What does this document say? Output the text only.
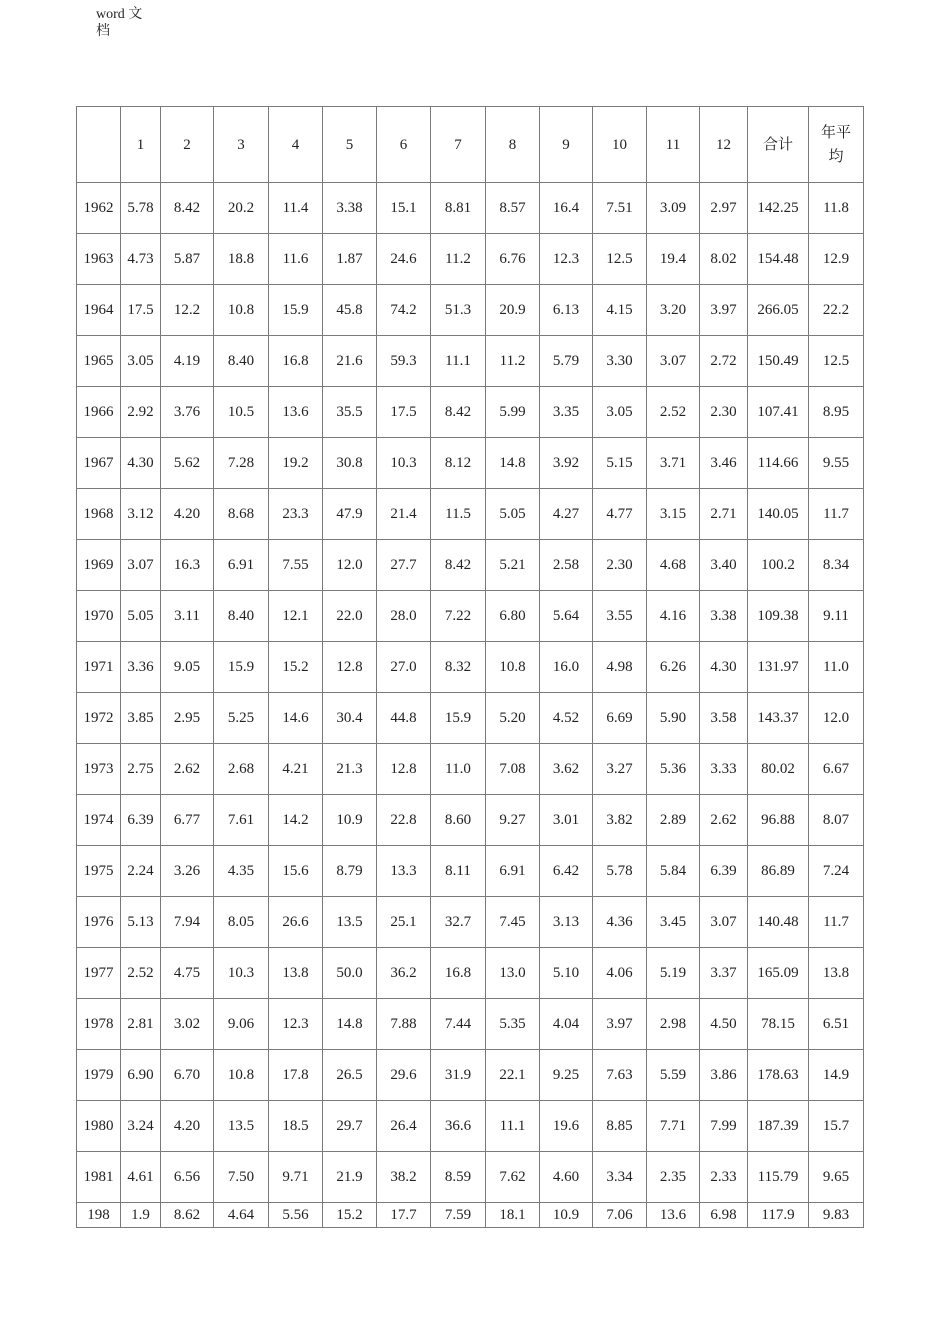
word 文档
	1	2	3	4	5	6	7	8	9	10	11	12	合计	年平均
1962	5.78	8.42	20.2	11.4	3.38	15.1	8.81	8.57	16.4	7.51	3.09	2.97	142.25	11.8
1963	4.73	5.87	18.8	11.6	1.87	24.6	11.2	6.76	12.3	12.5	19.4	8.02	154.48	12.9
1964	17.5	12.2	10.8	15.9	45.8	74.2	51.3	20.9	6.13	4.15	3.20	3.97	266.05	22.2
1965	3.05	4.19	8.40	16.8	21.6	59.3	11.1	11.2	5.79	3.30	3.07	2.72	150.49	12.5
1966	2.92	3.76	10.5	13.6	35.5	17.5	8.42	5.99	3.35	3.05	2.52	2.30	107.41	8.95
1967	4.30	5.62	7.28	19.2	30.8	10.3	8.12	14.8	3.92	5.15	3.71	3.46	114.66	9.55
1968	3.12	4.20	8.68	23.3	47.9	21.4	11.5	5.05	4.27	4.77	3.15	2.71	140.05	11.7
1969	3.07	16.3	6.91	7.55	12.0	27.7	8.42	5.21	2.58	2.30	4.68	3.40	100.2	8.34
1970	5.05	3.11	8.40	12.1	22.0	28.0	7.22	6.80	5.64	3.55	4.16	3.38	109.38	9.11
1971	3.36	9.05	15.9	15.2	12.8	27.0	8.32	10.8	16.0	4.98	6.26	4.30	131.97	11.0
1972	3.85	2.95	5.25	14.6	30.4	44.8	15.9	5.20	4.52	6.69	5.90	3.58	143.37	12.0
1973	2.75	2.62	2.68	4.21	21.3	12.8	11.0	7.08	3.62	3.27	5.36	3.33	80.02	6.67
1974	6.39	6.77	7.61	14.2	10.9	22.8	8.60	9.27	3.01	3.82	2.89	2.62	96.88	8.07
1975	2.24	3.26	4.35	15.6	8.79	13.3	8.11	6.91	6.42	5.78	5.84	6.39	86.89	7.24
1976	5.13	7.94	8.05	26.6	13.5	25.1	32.7	7.45	3.13	4.36	3.45	3.07	140.48	11.7
1977	2.52	4.75	10.3	13.8	50.0	36.2	16.8	13.0	5.10	4.06	5.19	3.37	165.09	13.8
1978	2.81	3.02	9.06	12.3	14.8	7.88	7.44	5.35	4.04	3.97	2.98	4.50	78.15	6.51
1979	6.90	6.70	10.8	17.8	26.5	29.6	31.9	22.1	9.25	7.63	5.59	3.86	178.63	14.9
1980	3.24	4.20	13.5	18.5	29.7	26.4	36.6	11.1	19.6	8.85	7.71	7.99	187.39	15.7
1981	4.61	6.56	7.50	9.71	21.9	38.2	8.59	7.62	4.60	3.34	2.35	2.33	115.79	9.65
198	1.9	8.62	4.64	5.56	15.2	17.7	7.59	18.1	10.9	7.06	13.6	6.98	117.9	9.83
